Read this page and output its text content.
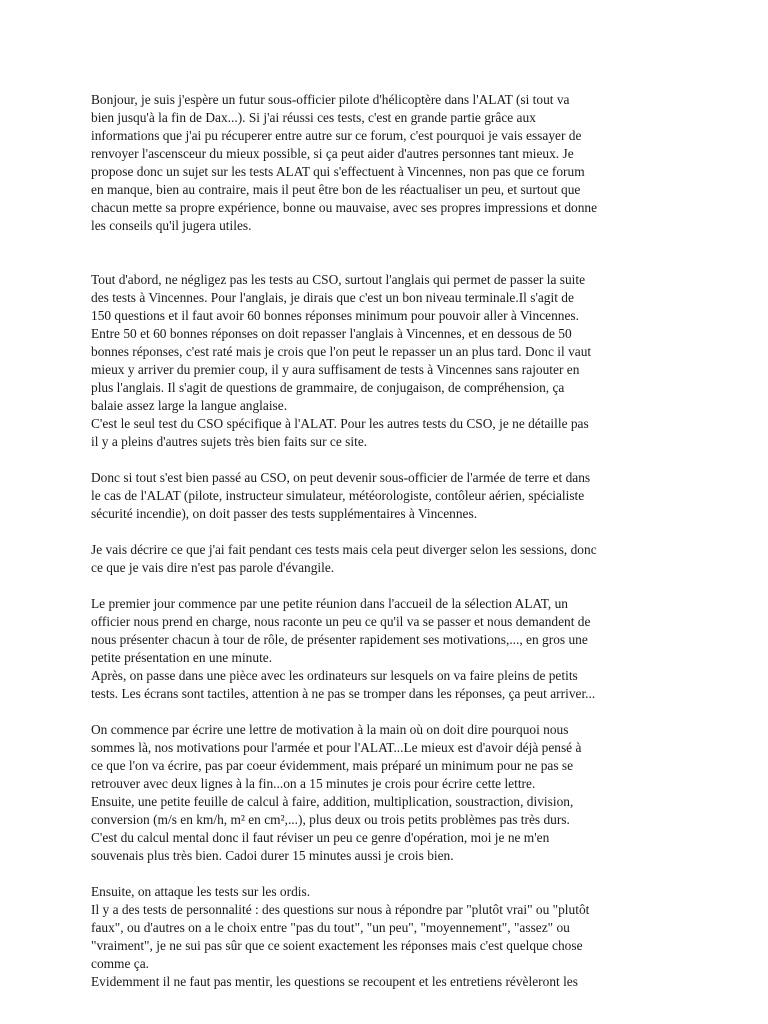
Bonjour, je suis j'espère un futur sous-officier pilote d'hélicoptère dans l'ALAT (si tout va
bien jusqu'à la fin de Dax...). Si j'ai réussi ces tests, c'est en grande partie grâce aux
informations que j'ai pu récuperer entre autre sur ce forum, c'est pourquoi je vais essayer de
renvoyer l'ascensceur du mieux possible, si ça peut aider d'autres personnes tant mieux. Je
propose donc un sujet sur les tests ALAT qui s'effectuent à Vincennes, non pas que ce forum
en manque, bien au contraire, mais il peut être bon de les réactualiser un peu, et surtout que
chacun mette sa propre expérience, bonne ou mauvaise, avec ses propres impressions et donne
les conseils qu'il jugera utiles.
Tout d'abord, ne négligez pas les tests au CSO, surtout l'anglais qui permet de passer la suite
des tests à Vincennes. Pour l'anglais, je dirais que c'est un bon niveau terminale.Il s'agit de
150 questions et il faut avoir 60 bonnes réponses minimum pour pouvoir aller à Vincennes.
Entre 50 et 60 bonnes réponses on doit repasser l'anglais à Vincennes, et en dessous de 50
bonnes réponses, c'est raté mais je crois que l'on peut le repasser un an plus tard. Donc il vaut
mieux y arriver du premier coup, il y aura suffisament de tests à Vincennes sans rajouter en
plus l'anglais. Il s'agit de questions de grammaire, de conjugaison, de compréhension, ça
balaie assez large la langue anglaise.
C'est le seul test du CSO spécifique à l'ALAT. Pour les autres tests du CSO, je ne détaille pas
il y a pleins d'autres sujets très bien faits sur ce site.
Donc si tout s'est bien passé au CSO, on peut devenir sous-officier de l'armée de terre et dans
le cas de l'ALAT (pilote, instructeur simulateur, météorologiste, contôleur aérien, spécialiste
sécurité incendie), on doit passer des tests supplémentaires à Vincennes.
Je vais décrire ce que j'ai fait pendant ces tests mais cela peut diverger selon les sessions, donc
ce que je vais dire n'est pas parole d'évangile.
Le premier jour commence par une petite réunion dans l'accueil de la sélection ALAT, un
officier nous prend en charge, nous raconte un peu ce qu'il va se passer et nous demandent de
nous présenter chacun à tour de rôle, de présenter rapidement ses motivations,..., en gros une
petite présentation en une minute.
Après, on passe dans une pièce avec les ordinateurs sur lesquels on va faire pleins de petits
tests. Les écrans sont tactiles, attention à ne pas se tromper dans les réponses, ça peut arriver...
On commence par écrire une lettre de motivation à la main où on doit dire pourquoi nous
sommes là, nos motivations pour l'armée et pour l'ALAT...Le mieux est d'avoir déjà pensé à
ce que l'on va écrire, pas par coeur évidemment, mais préparé un minimum pour ne pas se
retrouver avec deux lignes à la fin...on a 15 minutes je crois pour écrire cette lettre.
Ensuite, une petite feuille de calcul à faire, addition, multiplication, soustraction, division,
conversion (m/s en km/h, m² en cm²,...), plus deux ou trois petits problèmes pas très durs.
C'est du calcul mental donc il faut réviser un peu ce genre d'opération, moi je ne m'en
souvenais plus très bien. Cadoi durer 15 minutes aussi je crois bien.
Ensuite, on attaque les tests sur les ordis.
Il y a des tests de personnalité : des questions sur nous à répondre par "plutôt vrai" ou "plutôt
faux", ou d'autres on a le choix entre "pas du tout", "un peu", "moyennement", "assez" ou
"vraiment", je ne sui pas sûr que ce soient exactement les réponses mais c'est quelque chose
comme ça.
Evidemment il ne faut pas mentir, les questions se recoupent et les entretiens révèleront les
